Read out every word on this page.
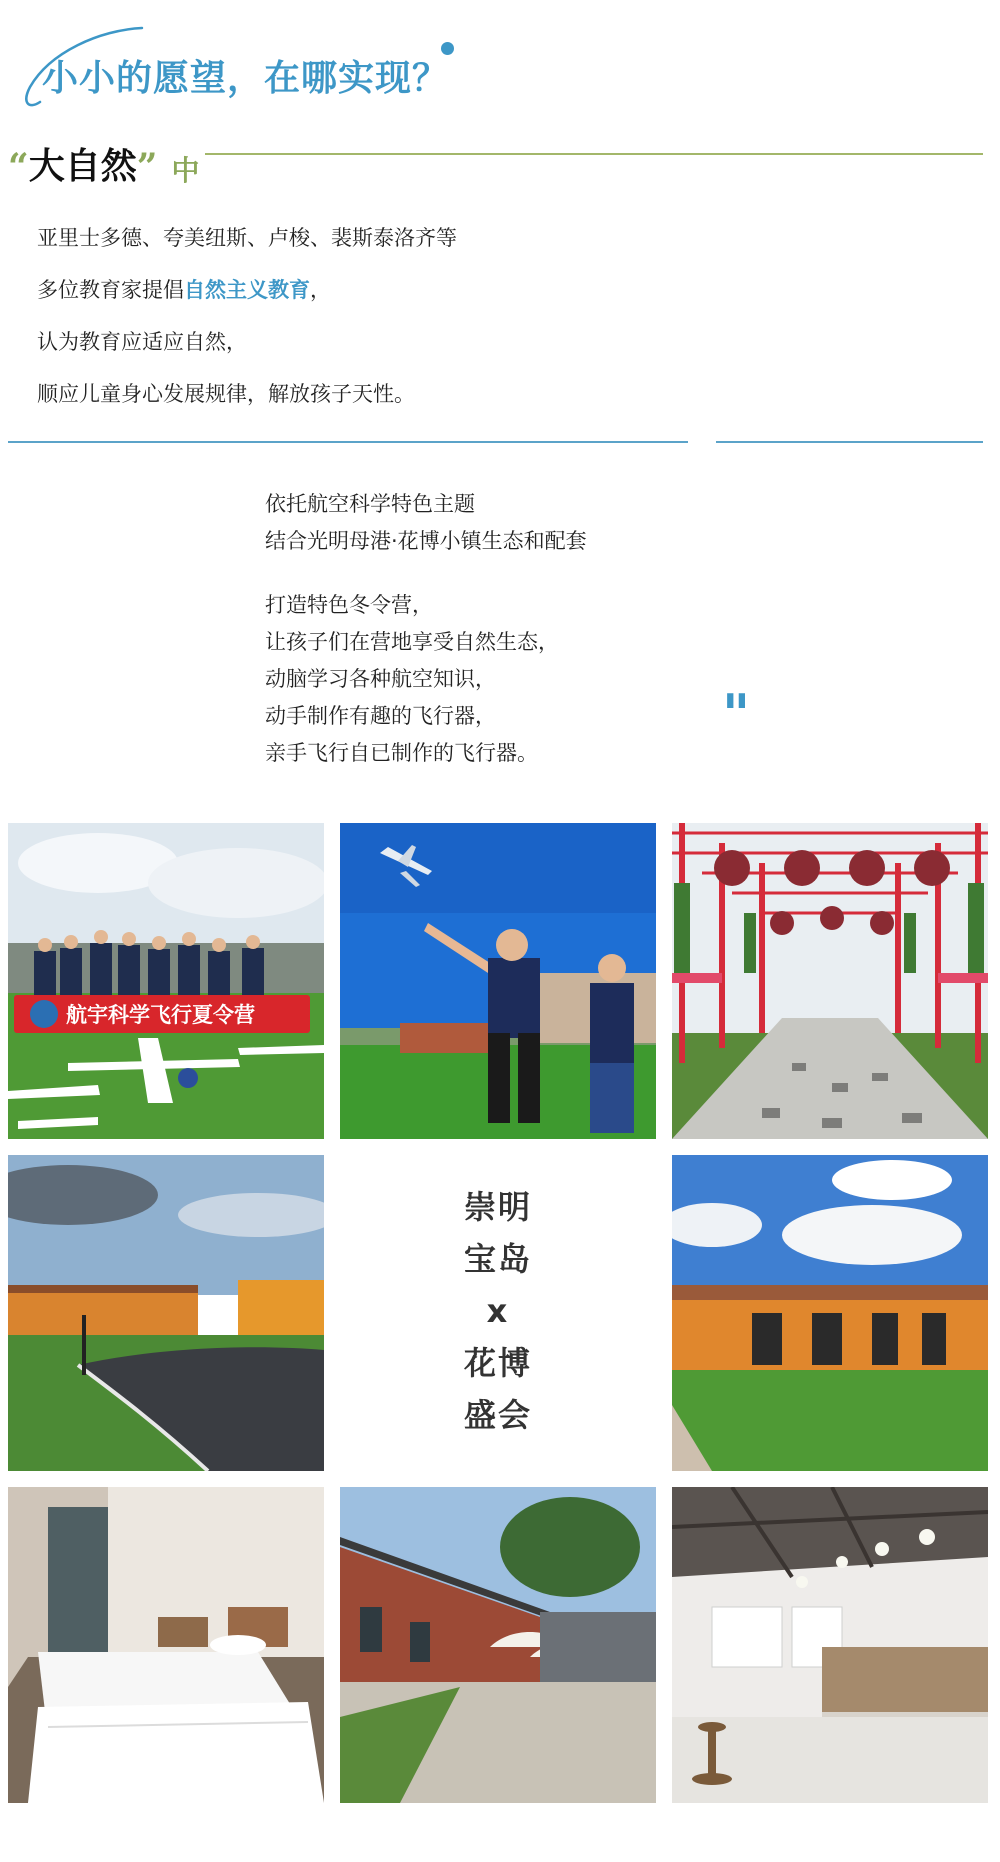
小小的愿望，在哪实现？
“ 大自然 ” 中

亚里士多德、夸美纽斯、卢梭、裴斯泰洛齐等

多位教育家提倡自然主义教育，

认为教育应适应自然，

顺应儿童身心发展规律，解放孩子天性。

依托航空科学特色主题

结合光明母港·花博小镇生态和配套

打造特色冬令营，

让孩子们在营地享受自然生态，

动脑学习各种航空知识，

动手制作有趣的飞行器，

亲手飞行自已制作的飞行器。

"
航宇科学飞行夏令营
崇明
宝岛
x
花博
盛会
